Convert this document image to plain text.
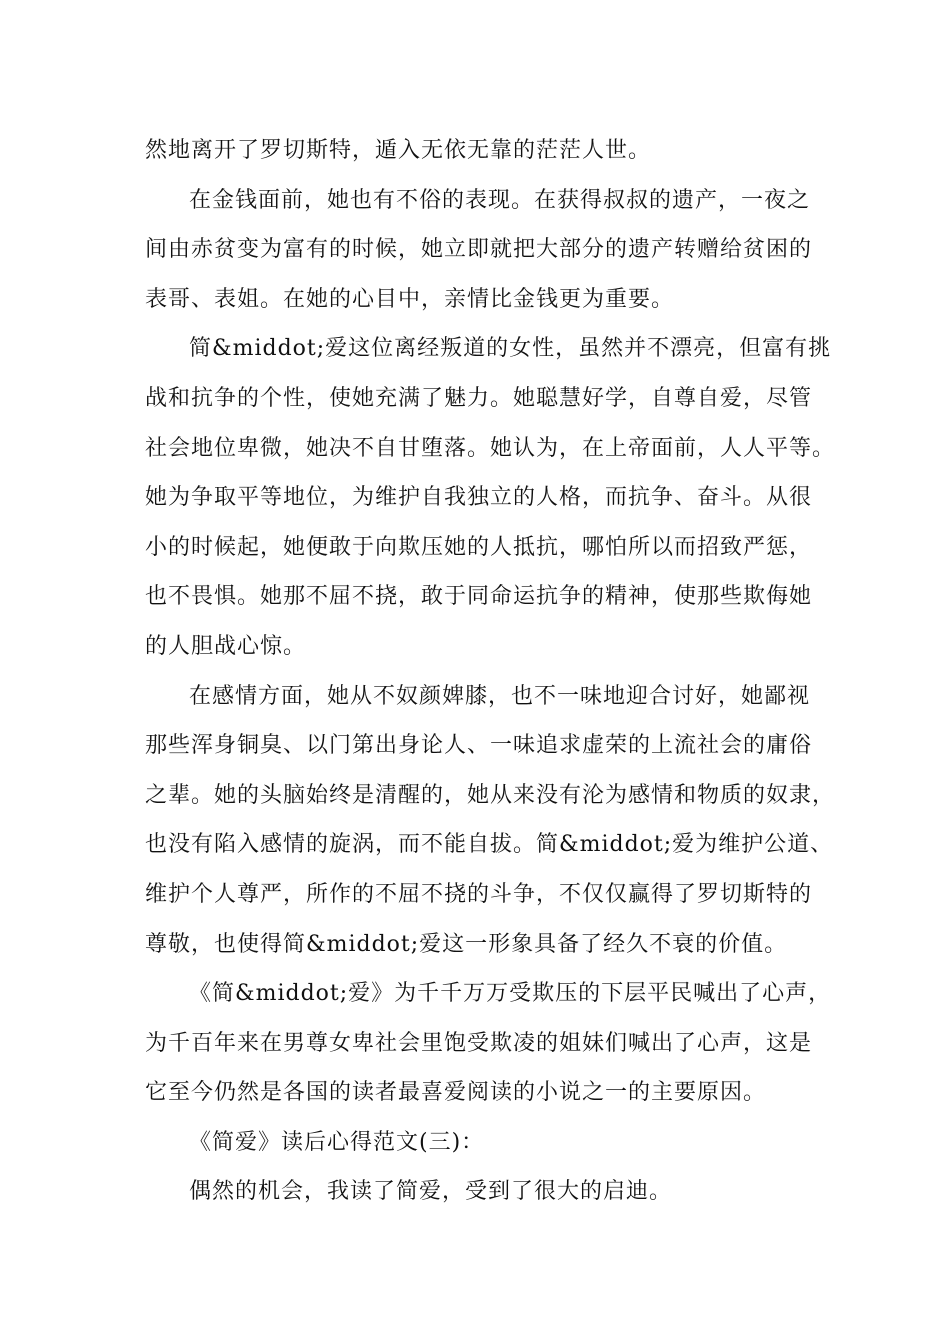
然地离开了罗切斯特，遁入无依无靠的茫茫人世。
在金钱面前，她也有不俗的表现。在获得叔叔的遗产，一夜之
间由赤贫变为富有的时候，她立即就把大部分的遗产转赠给贫困的
表哥、表姐。在她的心目中，亲情比金钱更为重要。
简&middot;爱这位离经叛道的女性，虽然并不漂亮，但富有挑
战和抗争的个性，使她充满了魅力。她聪慧好学，自尊自爱，尽管
社会地位卑微，她决不自甘堕落。她认为，在上帝面前，人人平等。
她为争取平等地位，为维护自我独立的人格，而抗争、奋斗。从很
小的时候起，她便敢于向欺压她的人抵抗，哪怕所以而招致严惩，
也不畏惧。她那不屈不挠，敢于同命运抗争的精神，使那些欺侮她
的人胆战心惊。
在感情方面，她从不奴颜婢膝，也不一味地迎合讨好，她鄙视
那些浑身铜臭、以门第出身论人、一味追求虚荣的上流社会的庸俗
之辈。她的头脑始终是清醒的，她从来没有沦为感情和物质的奴隶，
也没有陷入感情的旋涡，而不能自拔。简&middot;爱为维护公道、
维护个人尊严，所作的不屈不挠的斗争，不仅仅赢得了罗切斯特的
尊敬，也使得简&middot;爱这一形象具备了经久不衰的价值。
《简&middot;爱》为千千万万受欺压的下层平民喊出了心声，
为千百年来在男尊女卑社会里饱受欺凌的姐妹们喊出了心声，这是
它至今仍然是各国的读者最喜爱阅读的小说之一的主要原因。
《简爱》读后心得范文(三)：
偶然的机会，我读了简爱，受到了很大的启迪。
